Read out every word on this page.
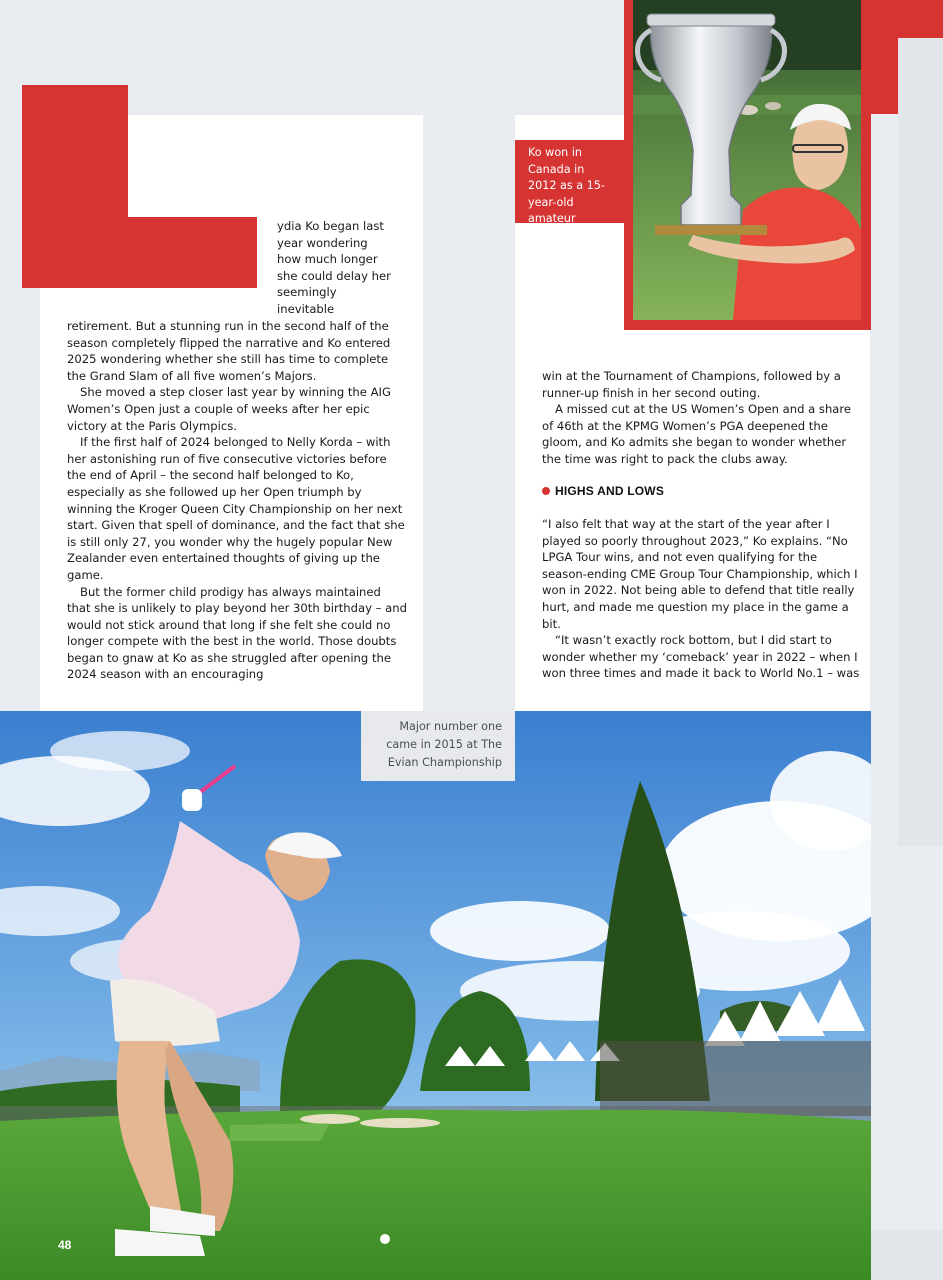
ydia Ko began last
year wondering
how much longer
she could delay her
seemingly
inevitable

retirement. But a stunning run in the second half of the season completely flipped the narrative and Ko entered 2025 wondering whether she still has time to complete the Grand Slam of all five women’s Majors.

She moved a step closer last year by winning the AIG Women’s Open just a couple of weeks after her epic victory at the Paris Olympics.

If the first half of 2024 belonged to Nelly Korda – with her astonishing run of five consecutive victories before the end of April – the second half belonged to Ko, especially as she followed up her Open triumph by winning the Kroger Queen City Championship on her next start. Given that spell of dominance, and the fact that she is still only 27, you wonder why the hugely popular New Zealander even entertained thoughts of giving up the game.

But the former child prodigy has always maintained that she is unlikely to play beyond her 30th birthday – and would not stick around that long if she felt she could no longer compete with the best in the world. Those doubts began to gnaw at Ko as she struggled after opening the 2024 season with an encouraging

Ko won in Canada in 2012 as a 15-year-old amateur

win at the Tournament of Champions, followed by a runner-up finish in her second outing.

A missed cut at the US Women’s Open and a share of 46th at the KPMG Women’s PGA deepened the gloom, and Ko admits she began to wonder whether the time was right to pack the clubs away.

HIGHS AND LOWS

“I also felt that way at the start of the year after I played so poorly throughout 2023,” Ko explains. “No LPGA Tour wins, and not even qualifying for the season-ending CME Group Tour Championship, which I won in 2022. Not being able to defend that title really hurt, and made me question my place in the game a bit.

“It wasn’t exactly rock bottom, but I did start to wonder whether my ‘comeback’ year in 2022 – when I won three times and made it back to World No.1 – was

Major number one came in 2015 at The Evian Championship
48
